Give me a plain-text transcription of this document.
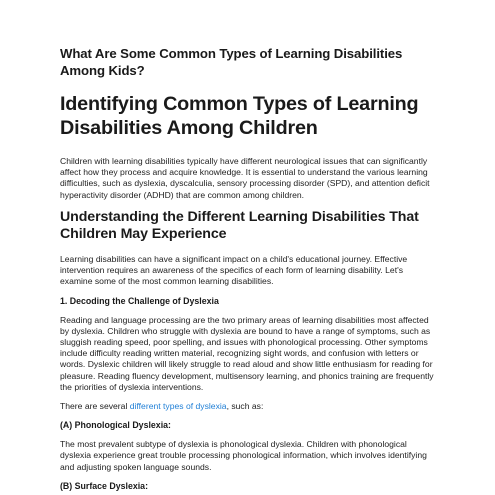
What Are Some Common Types of Learning Disabilities Among Kids?
Identifying Common Types of Learning Disabilities Among Children

Children with learning disabilities typically have different neurological issues that can significantly affect how they process and acquire knowledge. It is essential to understand the various learning difficulties, such as dyslexia, dyscalculia, sensory processing disorder (SPD), and attention deficit hyperactivity disorder (ADHD) that are common among children.

Understanding the Different Learning Disabilities That Children May Experience

Learning disabilities can have a significant impact on a child's educational journey. Effective intervention requires an awareness of the specifics of each form of learning disability. Let's examine some of the most common learning disabilities.

1. Decoding the Challenge of Dyslexia

Reading and language processing are the two primary areas of learning disabilities most affected by dyslexia. Children who struggle with dyslexia are bound to have a range of symptoms, such as sluggish reading speed, poor spelling, and issues with phonological processing. Other symptoms include difficulty reading written material, recognizing sight words, and confusion with letters or words. Dyslexic children will likely struggle to read aloud and show little enthusiasm for reading for pleasure. Reading fluency development, multisensory learning, and phonics training are frequently the priorities of dyslexia interventions.

There are several different types of dyslexia, such as:

(A) Phonological Dyslexia:

The most prevalent subtype of dyslexia is phonological dyslexia. Children with phonological dyslexia experience great trouble processing phonological information, which involves identifying and adjusting spoken language sounds.

(B) Surface Dyslexia:
